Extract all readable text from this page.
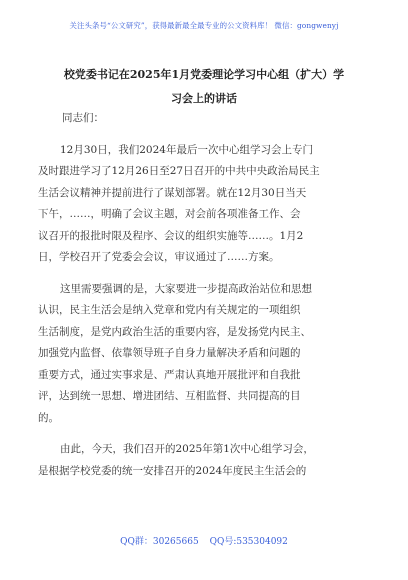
关注头条号“公文研究”，获得最新最全最专业的公文资料库！ 微信：gongwenyj
校党委书记在2025年1月党委理论学习中心组（扩大）学
习会上的讲话
同志们：
12月30日，我们2024年最后一次中心组学习会上专门
及时跟进学习了12月26日至27日召开的中共中央政治局民主
生活会议精神并提前进行了谋划部署。就在12月30日当天
下午，……，明确了会议主题，对会前各项准备工作、会
议召开的报批时限及程序、会议的组织实施等……。1月2
日，学校召开了党委会会议，审议通过了……方案。
这里需要强调的是，大家要进一步提高政治站位和思想
认识，民主生活会是纳入党章和党内有关规定的一项组织
生活制度，是党内政治生活的重要内容，是发扬党内民主、
加强党内监督、依靠领导班子自身力量解决矛盾和问题的
重要方式，通过实事求是、严肃认真地开展批评和自我批
评，达到统一思想、增进团结、互相监督、共同提高的目
的。
由此，今天，我们召开的2025年第1次中心组学习会，
是根据学校党委的统一安排召开的2024年度民主生活会的
QQ群：30265665 QQ号:535304092
